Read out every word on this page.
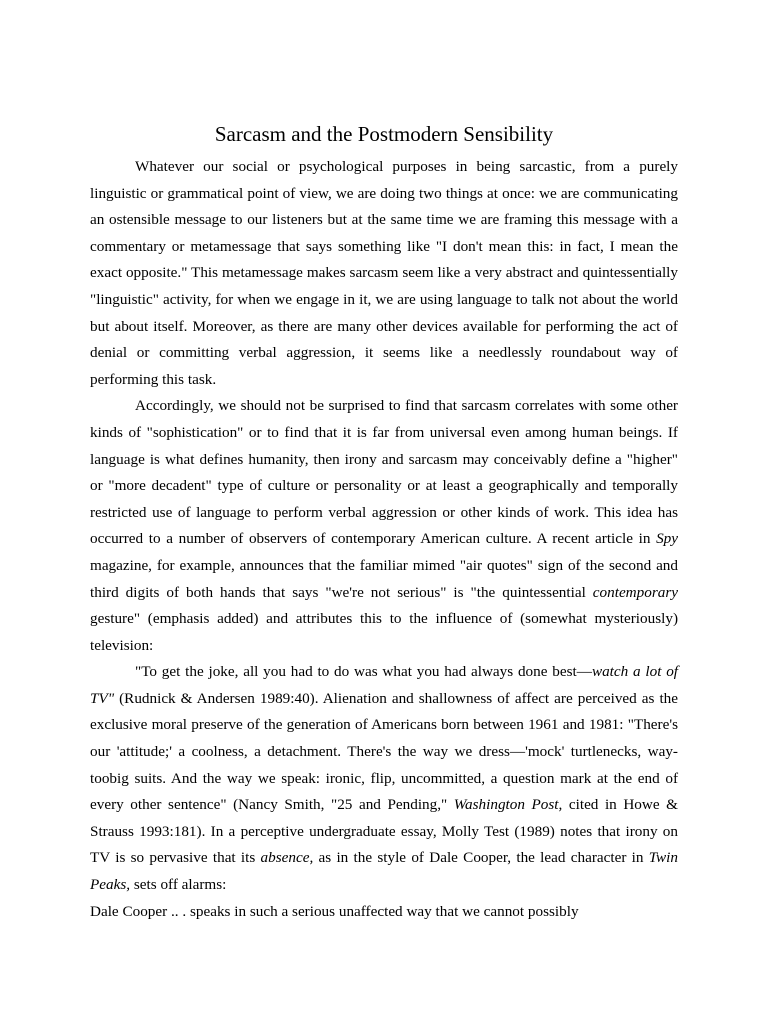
Sarcasm and the Postmodern Sensibility

Whatever our social or psychological purposes in being sarcastic, from a purely linguistic or grammatical point of view, we are doing two things at once: we are communicating an ostensible message to our listeners but at the same time we are framing this message with a commentary or metamessage that says something like "I don't mean this: in fact, I mean the exact opposite." This metamessage makes sarcasm seem like a very abstract and quintessentially "linguistic" activity, for when we engage in it, we are using language to talk not about the world but about itself. Moreover, as there are many other devices available for performing the act of denial or committing verbal aggression, it seems like a needlessly roundabout way of performing this task.

Accordingly, we should not be surprised to find that sarcasm correlates with some other kinds of "sophistication" or to find that it is far from universal even among human beings. If language is what defines humanity, then irony and sarcasm may conceivably define a "higher" or "more decadent" type of culture or personality or at least a geographically and temporally restricted use of language to perform verbal aggression or other kinds of work. This idea has occurred to a number of observers of contemporary American culture. A recent article in Spy magazine, for example, announces that the familiar mimed "air quotes" sign of the second and third digits of both hands that says "we're not serious" is "the quintessential contemporary gesture" (emphasis added) and attributes this to the influence of (somewhat mysteriously) television:

"To get the joke, all you had to do was what you had always done best—watch a lot of TV" (Rudnick & Andersen 1989:40). Alienation and shallowness of affect are perceived as the exclusive moral preserve of the generation of Americans born between 1961 and 1981: "There's our 'attitude;' a coolness, a detachment. There's the way we dress—'mock' turtlenecks, way-toobig suits. And the way we speak: ironic, flip, uncommitted, a question mark at the end of every other sentence" (Nancy Smith, "25 and Pending," Washington Post, cited in Howe & Strauss 1993:181). In a perceptive undergraduate essay, Molly Test (1989) notes that irony on TV is so pervasive that its absence, as in the style of Dale Cooper, the lead character in Twin Peaks, sets off alarms:

Dale Cooper .. . speaks in such a serious unaffected way that we cannot possibly
